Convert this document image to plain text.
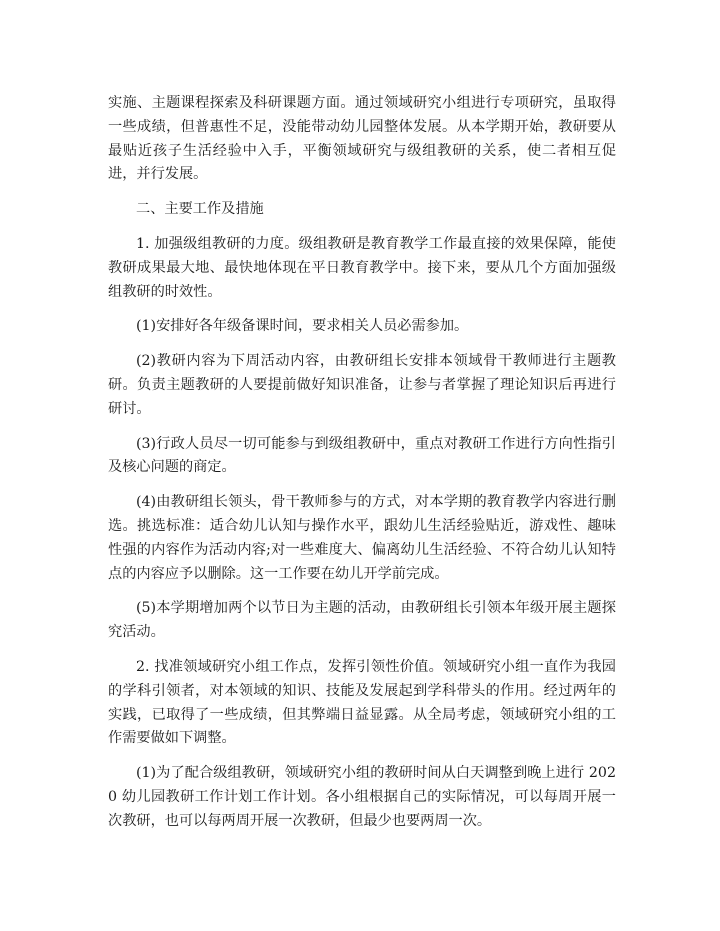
实施、主题课程探索及科研课题方面。通过领域研究小组进行专项研究，虽取得一些成绩，但普惠性不足，没能带动幼儿园整体发展。从本学期开始，教研要从最贴近孩子生活经验中入手，平衡领域研究与级组教研的关系，使二者相互促进，并行发展。

二、主要工作及措施

1. 加强级组教研的力度。级组教研是教育教学工作最直接的效果保障，能使教研成果最大地、最快地体现在平日教育教学中。接下来，要从几个方面加强级组教研的时效性。

(1)安排好各年级备课时间，要求相关人员必需参加。

(2)教研内容为下周活动内容，由教研组长安排本领域骨干教师进行主题教研。负责主题教研的人要提前做好知识准备，让参与者掌握了理论知识后再进行研讨。

(3)行政人员尽一切可能参与到级组教研中，重点对教研工作进行方向性指引及核心问题的商定。

(4)由教研组长领头，骨干教师参与的方式，对本学期的教育教学内容进行删选。挑选标准：适合幼儿认知与操作水平，跟幼儿生活经验贴近，游戏性、趣味性强的内容作为活动内容;对一些难度大、偏离幼儿生活经验、不符合幼儿认知特点的内容应予以删除。这一工作要在幼儿开学前完成。

(5)本学期增加两个以节日为主题的活动，由教研组长引领本年级开展主题探究活动。

2. 找准领域研究小组工作点，发挥引领性价值。领域研究小组一直作为我园的学科引领者，对本领域的知识、技能及发展起到学科带头的作用。经过两年的实践，已取得了一些成绩，但其弊端日益显露。从全局考虑，领域研究小组的工作需要做如下调整。

(1)为了配合级组教研，领域研究小组的教研时间从白天调整到晚上进行 2020 幼儿园教研工作计划工作计划。各小组根据自己的实际情况，可以每周开展一次教研，也可以每两周开展一次教研，但最少也要两周一次。
